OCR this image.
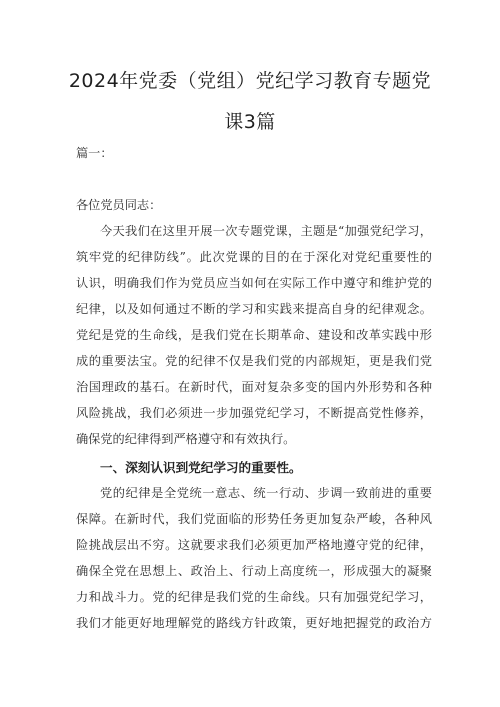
2024年党委（党组）党纪学习教育专题党
课3篇
篇一：
各位党员同志：
今天我们在这里开展一次专题党课，主题是“加强党纪学习，
筑牢党的纪律防线”。此次党课的目的在于深化对党纪重要性的
认识，明确我们作为党员应当如何在实际工作中遵守和维护党的
纪律，以及如何通过不断的学习和实践来提高自身的纪律观念。
党纪是党的生命线，是我们党在长期革命、建设和改革实践中形
成的重要法宝。党的纪律不仅是我们党的内部规矩，更是我们党
治国理政的基石。在新时代，面对复杂多变的国内外形势和各种
风险挑战，我们必须进一步加强党纪学习，不断提高党性修养，
确保党的纪律得到严格遵守和有效执行。
一、深刻认识到党纪学习的重要性。
党的纪律是全党统一意志、统一行动、步调一致前进的重要
保障。在新时代，我们党面临的形势任务更加复杂严峻，各种风
险挑战层出不穷。这就要求我们必须更加严格地遵守党的纪律，
确保全党在思想上、政治上、行动上高度统一，形成强大的凝聚
力和战斗力。党的纪律是我们党的生命线。只有加强党纪学习，
我们才能更好地理解党的路线方针政策，更好地把握党的政治方
